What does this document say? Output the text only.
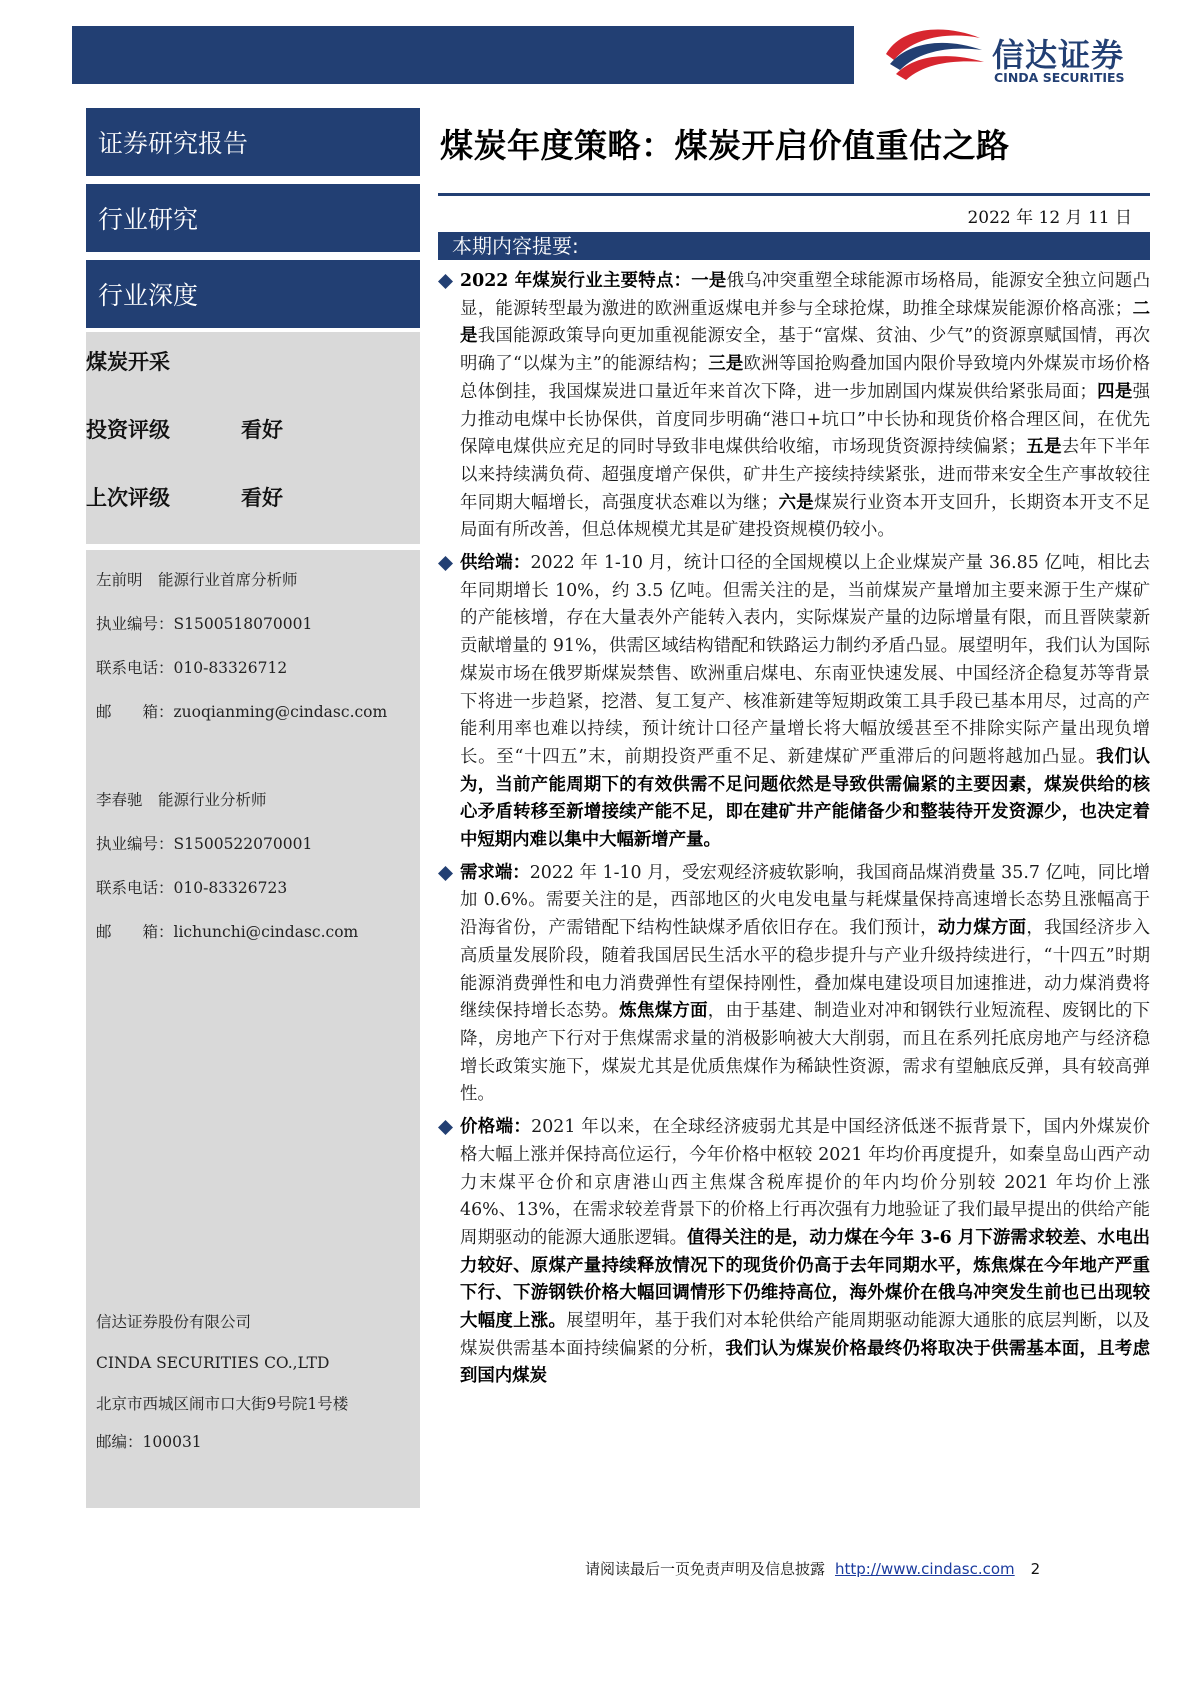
信达证券
CINDA SECURITIES
证券研究报告
行业研究
行业深度
煤炭开采
投资评级	看好
上次评级	看好
左前明　能源行业首席分析师
执业编号：S1500518070001
联系电话：010-83326712
邮　　箱：zuoqianming@cindasc.com
李春驰　能源行业分析师
执业编号：S1500522070001
联系电话：010-83326723
邮　　箱：lichunchi@cindasc.com
信达证券股份有限公司
CINDA SECURITIES CO.,LTD
北京市西城区闹市口大街9号院1号楼
邮编：100031
煤炭年度策略：煤炭开启价值重估之路
2022 年 12 月 11 日
本期内容提要:
2022 年煤炭行业主要特点：一是俄乌冲突重塑全球能源市场格局，能源安全独立问题凸显，能源转型最为激进的欧洲重返煤电并参与全球抢煤，助推全球煤炭能源价格高涨；二是我国能源政策导向更加重视能源安全，基于“富煤、贫油、少气”的资源禀赋国情，再次明确了“以煤为主”的能源结构；三是欧洲等国抢购叠加国内限价导致境内外煤炭市场价格总体倒挂，我国煤炭进口量近年来首次下降，进一步加剧国内煤炭供给紧张局面；四是强力推动电煤中长协保供，首度同步明确“港口+坑口”中长协和现货价格合理区间，在优先保障电煤供应充足的同时导致非电煤供给收缩，市场现货资源持续偏紧；五是去年下半年以来持续满负荷、超强度增产保供，矿井生产接续持续紧张，进而带来安全生产事故较往年同期大幅增长，高强度状态难以为继；六是煤炭行业资本开支回升，长期资本开支不足局面有所改善，但总体规模尤其是矿建投资规模仍较小。
供给端：2022 年 1-10 月，统计口径的全国规模以上企业煤炭产量 36.85 亿吨，相比去年同期增长 10%，约 3.5 亿吨。但需关注的是，当前煤炭产量增加主要来源于生产煤矿的产能核增，存在大量表外产能转入表内，实际煤炭产量的边际增量有限，而且晋陕蒙新贡献增量的 91%，供需区域结构错配和铁路运力制约矛盾凸显。展望明年，我们认为国际煤炭市场在俄罗斯煤炭禁售、欧洲重启煤电、东南亚快速发展、中国经济企稳复苏等背景下将进一步趋紧，挖潜、复工复产、核准新建等短期政策工具手段已基本用尽，过高的产能利用率也难以持续，预计统计口径产量增长将大幅放缓甚至不排除实际产量出现负增长。至“十四五”末，前期投资严重不足、新建煤矿严重滞后的问题将越加凸显。我们认为，当前产能周期下的有效供需不足问题依然是导致供需偏紧的主要因素，煤炭供给的核心矛盾转移至新增接续产能不足，即在建矿井产能储备少和整装待开发资源少，也决定着中短期内难以集中大幅新增产量。
需求端：2022 年 1-10 月，受宏观经济疲软影响，我国商品煤消费量 35.7 亿吨，同比增加 0.6%。需要关注的是，西部地区的火电发电量与耗煤量保持高速增长态势且涨幅高于沿海省份，产需错配下结构性缺煤矛盾依旧存在。我们预计，动力煤方面，我国经济步入高质量发展阶段，随着我国居民生活水平的稳步提升与产业升级持续进行，“十四五”时期能源消费弹性和电力消费弹性有望保持刚性，叠加煤电建设项目加速推进，动力煤消费将继续保持增长态势。炼焦煤方面，由于基建、制造业对冲和钢铁行业短流程、废钢比的下降，房地产下行对于焦煤需求量的消极影响被大大削弱，而且在系列托底房地产与经济稳增长政策实施下，煤炭尤其是优质焦煤作为稀缺性资源，需求有望触底反弹，具有较高弹性。
价格端：2021 年以来，在全球经济疲弱尤其是中国经济低迷不振背景下，国内外煤炭价格大幅上涨并保持高位运行，今年价格中枢较 2021 年均价再度提升，如秦皇岛山西产动力末煤平仓价和京唐港山西主焦煤含税库提价的年内均价分别较 2021 年均价上涨 46%、13%，在需求较差背景下的价格上行再次强有力地验证了我们最早提出的供给产能周期驱动的能源大通胀逻辑。值得关注的是，动力煤在今年 3-6 月下游需求较差、水电出力较好、原煤产量持续释放情况下的现货价仍高于去年同期水平，炼焦煤在今年地产严重下行、下游钢铁价格大幅回调情形下仍维持高位，海外煤价在俄乌冲突发生前也已出现较大幅度上涨。展望明年，基于我们对本轮供给产能周期驱动能源大通胀的底层判断，以及煤炭供需基本面持续偏紧的分析，我们认为煤炭价格最终仍将取决于供需基本面，且考虑到国内煤炭
请阅读最后一页免责声明及信息披露 http://www.cindasc.com 2
